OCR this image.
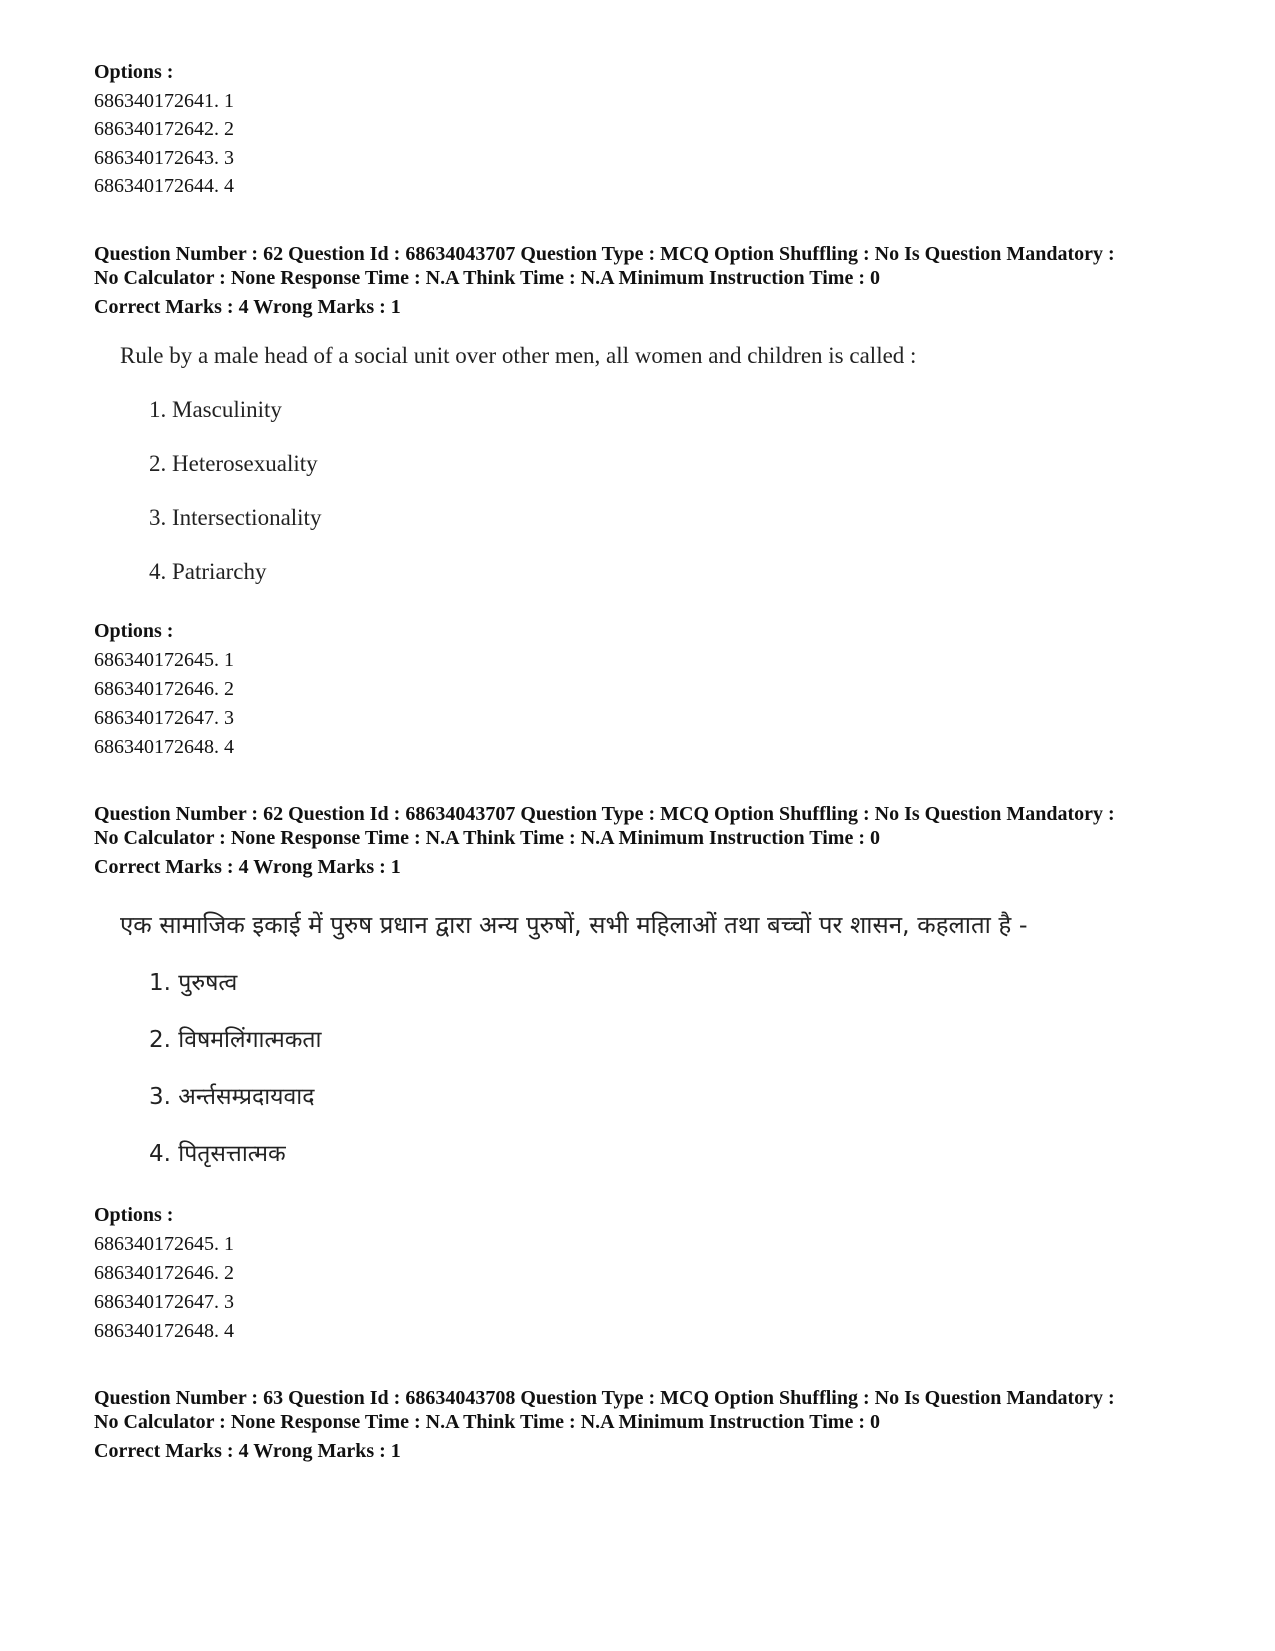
Options :
686340172641. 1
686340172642. 2
686340172643. 3
686340172644. 4
Question Number : 62 Question Id : 68634043707 Question Type : MCQ Option Shuffling : No Is Question Mandatory :
No Calculator : None Response Time : N.A Think Time : N.A Minimum Instruction Time : 0
Correct Marks : 4 Wrong Marks : 1
Rule by a male head of a social unit over other men, all women and children is called :
1. Masculinity
2. Heterosexuality
3. Intersectionality
4. Patriarchy
Options :
686340172645. 1
686340172646. 2
686340172647. 3
686340172648. 4
Question Number : 62 Question Id : 68634043707 Question Type : MCQ Option Shuffling : No Is Question Mandatory :
No Calculator : None Response Time : N.A Think Time : N.A Minimum Instruction Time : 0
Correct Marks : 4 Wrong Marks : 1
एक सामाजिक इकाई में पुरुष प्रधान द्वारा अन्य पुरुषों, सभी महिलाओं तथा बच्चों पर शासन, कहलाता है -
1. पुरुषत्व
2. विषमलिंगात्मकता
3. अर्न्तसम्प्रदायवाद
4. पितृसत्तात्मक
Options :
686340172645. 1
686340172646. 2
686340172647. 3
686340172648. 4
Question Number : 63 Question Id : 68634043708 Question Type : MCQ Option Shuffling : No Is Question Mandatory :
No Calculator : None Response Time : N.A Think Time : N.A Minimum Instruction Time : 0
Correct Marks : 4 Wrong Marks : 1
